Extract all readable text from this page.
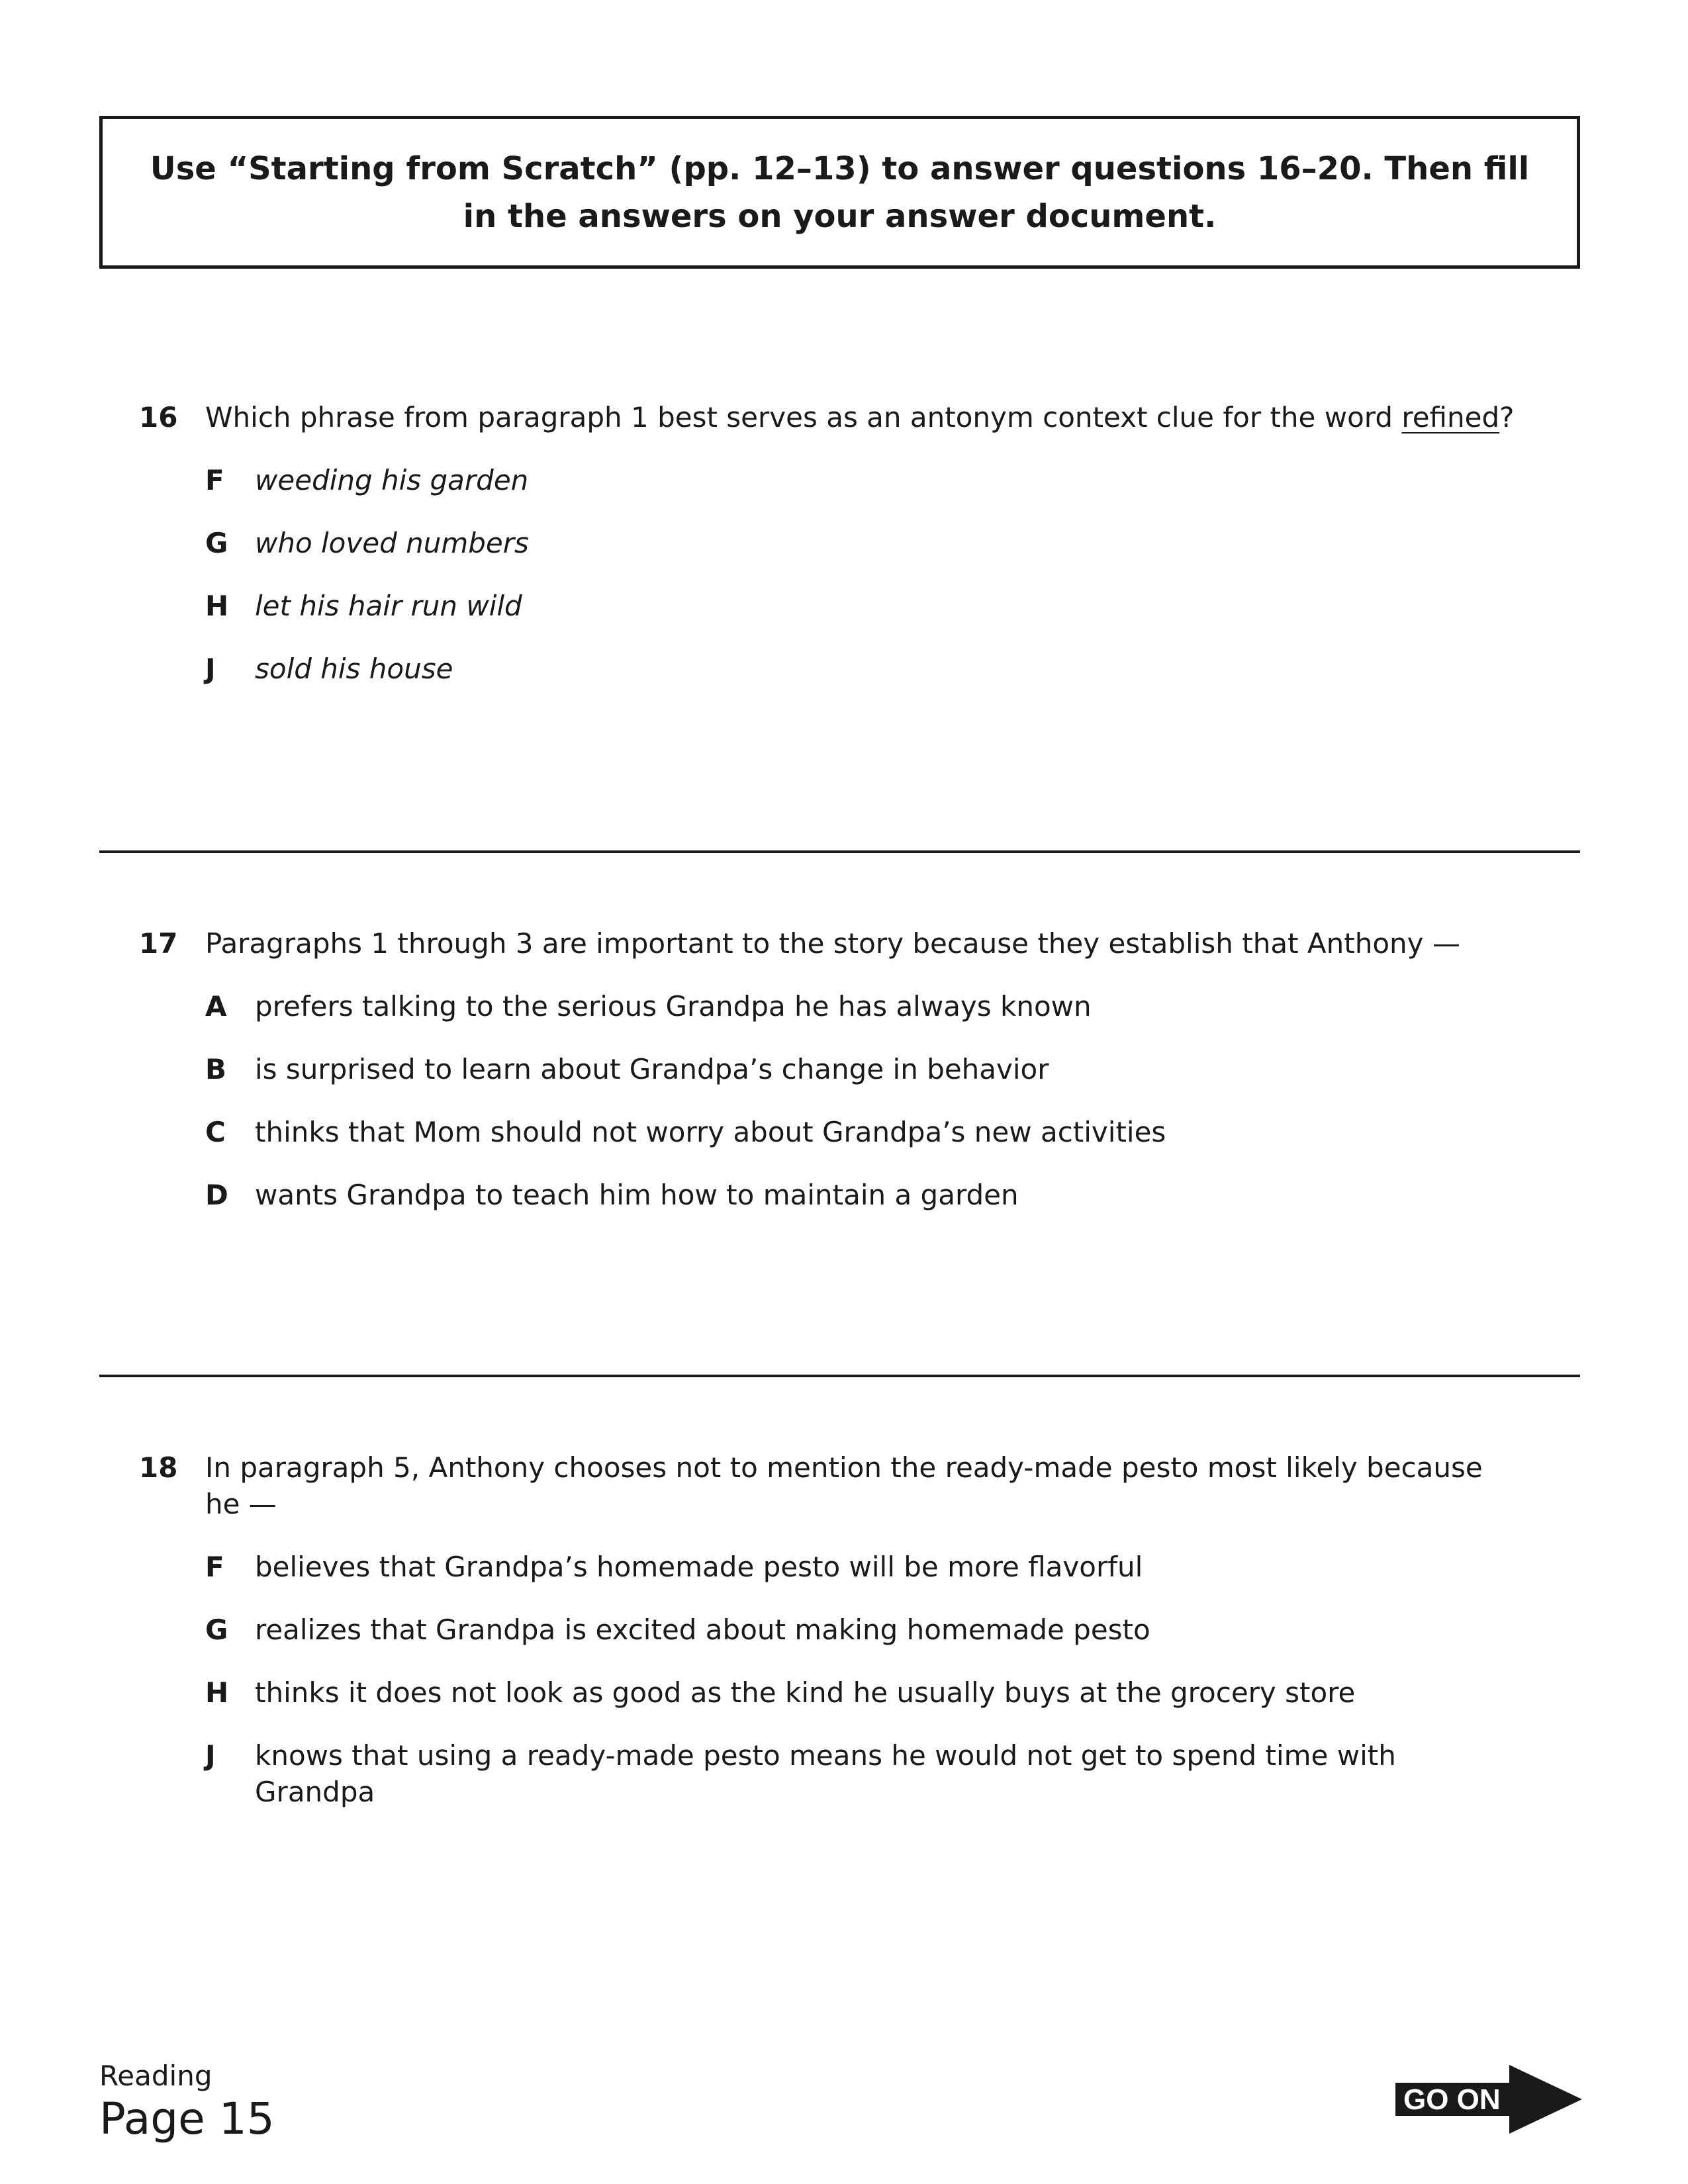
Use “Starting from Scratch” (pp. 12–13) to answer questions 16–20. Then fill in the answers on your answer document.
16 Which phrase from paragraph 1 best serves as an antonym context clue for the word refined?
F	weeding his garden
G who loved numbers
H let his hair run wild
J	sold his house
17 Paragraphs 1 through 3 are important to the story because they establish that Anthony —
A	prefers talking to the serious Grandpa he has always known
B	is surprised to learn about Grandpa’s change in behavior
C	thinks that Mom should not worry about Grandpa’s new activities
D wants Grandpa to teach him how to maintain a garden
18 In paragraph 5, Anthony chooses not to mention the ready-made pesto most likely because he —
F	believes that Grandpa’s homemade pesto will be more flavorful
G realizes that Grandpa is excited about making homemade pesto
H thinks it does not look as good as the kind he usually buys at the grocery store
J	knows that using a ready-made pesto means he would not get to spend time with Grandpa
Reading
Page 15	GO ON
